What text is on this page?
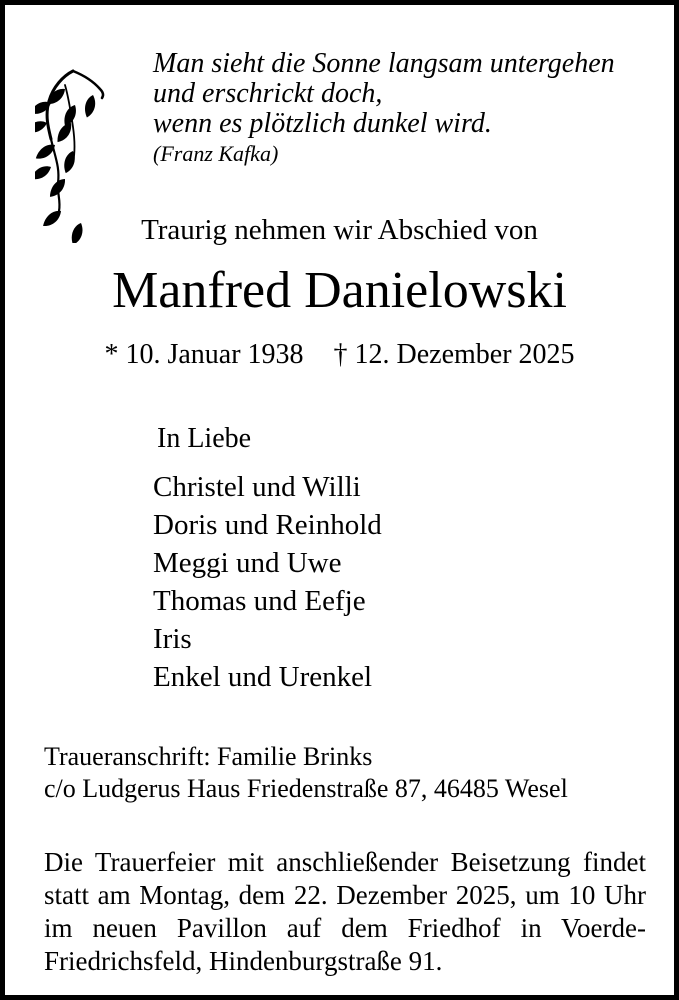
Man sieht die Sonne langsam untergehen
und erschrickt doch,
wenn es plötzlich dunkel wird.
(Franz Kafka)
Traurig nehmen wir Abschied von
Manfred Danielowski
* 10. Januar 1938 † 12. Dezember 2025
In Liebe
Christel und Willi
Doris und Reinhold
Meggi und Uwe
Thomas und Eefje
Iris
Enkel und Urenkel
Traueranschrift: Familie Brinks
c/o Ludgerus Haus Friedenstraße 87, 46485 Wesel
Die Trauerfeier mit anschließender Beisetzung findet
statt am Montag, dem 22. Dezember 2025, um 10 Uhr
im neuen Pavillon auf dem Friedhof in Voerde-
Friedrichsfeld, Hindenburgstraße 91.
